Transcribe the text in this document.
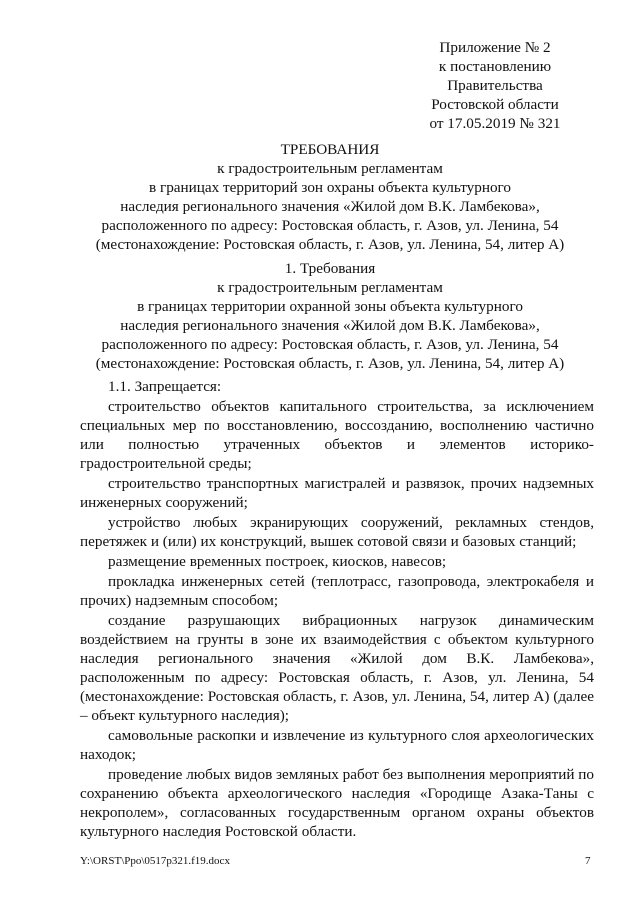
Приложение № 2
к постановлению
Правительства
Ростовской области
от 17.05.2019 № 321
ТРЕБОВАНИЯ
к градостроительным регламентам
в границах территорий зон охраны объекта культурного
наследия регионального значения «Жилой дом В.К. Ламбекова»,
расположенного по адресу: Ростовская область, г. Азов, ул. Ленина, 54
(местонахождение: Ростовская область, г. Азов, ул. Ленина, 54, литер А)
1. Требования
к градостроительным регламентам
в границах территории охранной зоны объекта культурного
наследия регионального значения «Жилой дом В.К. Ламбекова»,
расположенного по адресу: Ростовская область, г. Азов, ул. Ленина, 54
(местонахождение: Ростовская область, г. Азов, ул. Ленина, 54, литер А)
1.1. Запрещается:

строительство объектов капитального строительства, за исключением специальных мер по восстановлению, воссозданию, восполнению частично или полностью утраченных объектов и элементов историко-градостроительной среды;

строительство транспортных магистралей и развязок, прочих надземных инженерных сооружений;

устройство любых экранирующих сооружений, рекламных стендов, перетяжек и (или) их конструкций, вышек сотовой связи и базовых станций;

размещение временных построек, киосков, навесов;

прокладка инженерных сетей (теплотрасс, газопровода, электрокабеля и прочих) надземным способом;

создание разрушающих вибрационных нагрузок динамическим воздействием на грунты в зоне их взаимодействия с объектом культурного наследия регионального значения «Жилой дом В.К. Ламбекова», расположенным по адресу: Ростовская область, г. Азов, ул. Ленина, 54 (местонахождение: Ростовская область, г. Азов, ул. Ленина, 54, литер А) (далее – объект культурного наследия);

самовольные раскопки и извлечение из культурного слоя археологических находок;

проведение любых видов земляных работ без выполнения мероприятий по сохранению объекта археологического наследия «Городище Азака-Таны с некрополем», согласованных государственным органом охраны объектов культурного наследия Ростовской области.

Y:\ORST\Ppo\0517p321.f19.docx	7
